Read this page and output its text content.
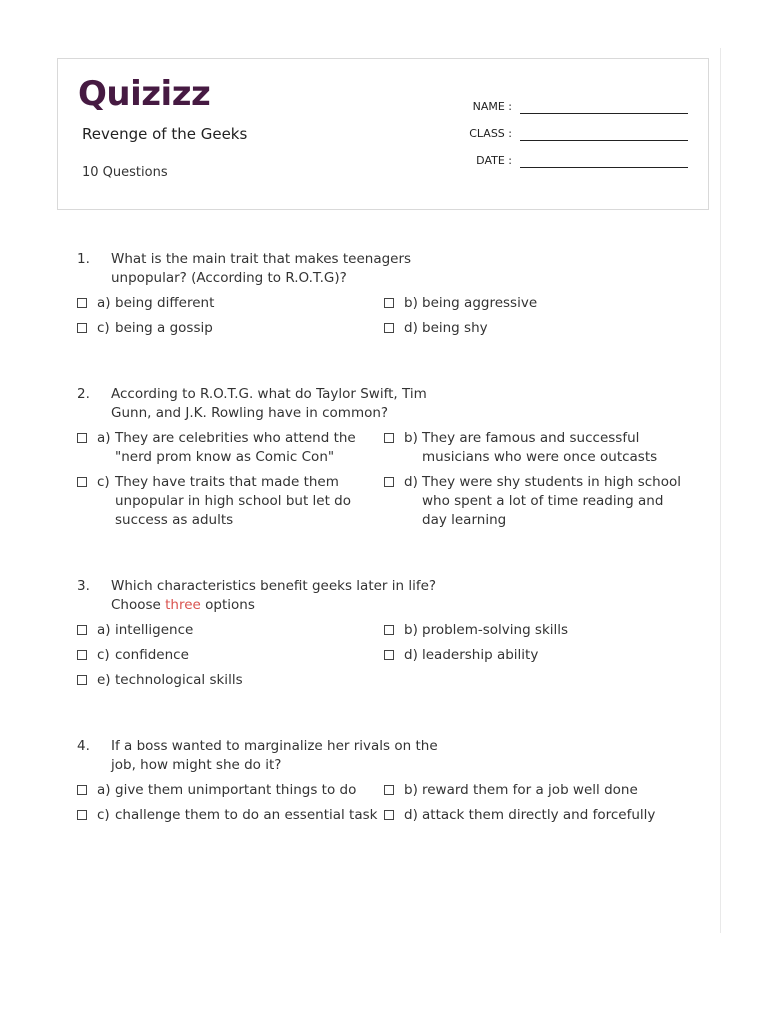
Quizizz
Revenge of the Geeks
10 Questions
NAME :
CLASS :
DATE :
1.	What is the main trait that makes teenagers unpopular? (According to R.O.T.G)?
a) being different	b) being aggressive
c) being a gossip	d) being shy
2.	According to R.O.T.G. what do Taylor Swift, Tim Gunn, and J.K. Rowling have in common?
a) They are celebrities who attend the "nerd prom know as Comic Con"
b) They are famous and successful musicians who were once outcasts
c) They have traits that made them unpopular in high school but let do success as adults
d) They were shy students in high school who spent a lot of time reading and day learning
3.	Which characteristics benefit geeks later in life? Choose three options
a) intelligence	b) problem-solving skills
c) confidence	d) leadership ability
e) technological skills
4.	If a boss wanted to marginalize her rivals on the job, how might she do it?
a) give them unimportant things to do	b) reward them for a job well done
c) challenge them to do an essential task	d) attack them directly and forcefully
